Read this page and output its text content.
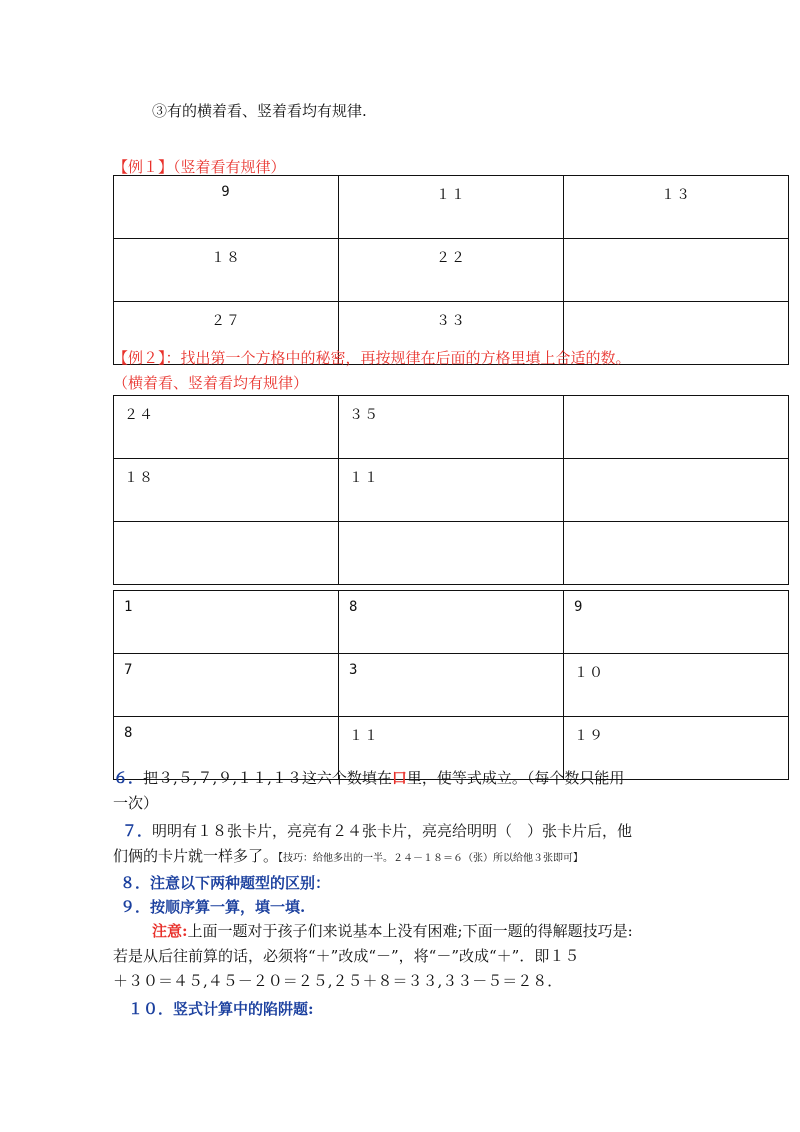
③有的横着看、竖着看均有规律.
【例１】（竖着看有规律）
9	１１	１３
１８	２２	
２７	３３	
【例２】：找出第一个方格中的秘密，再按规律在后面的方格里填上合适的数。
（横着看、竖着看均有规律）
２４	３５	
１８	１１	

1	8	9
7	3	１０
8	１１	１９
６．把３,５,７,９,１１,１３这六个数填在口里，使等式成立。（每个数只能用
一次）
７．明明有１８张卡片，亮亮有２４张卡片，亮亮给明明（　）张卡片后，他
们俩的卡片就一样多了。【技巧：给他多出的一半。２４－１８＝６（张）所以给他３张即可】
８．注意以下两种题型的区别：
９．按顺序算一算，填一填.
注意:上面一题对于孩子们来说基本上没有困难;下面一题的得解题技巧是:
若是从后往前算的话，必须将“＋”改成“－”，将“－”改成“＋”．即１５
＋３０＝４５,４５－２０＝２５,２５＋８＝３３,３３－５＝２８．
１０．竖式计算中的陷阱题:
